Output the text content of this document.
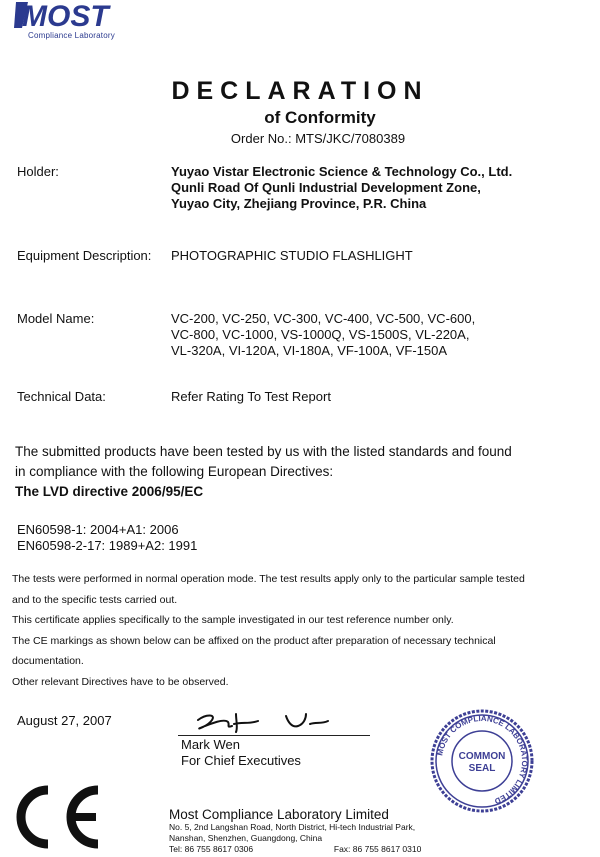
MOST
Compliance Laboratory
DECLARATION
of Conformity
Order No.: MTS/JKC/7080389
Holder:	Yuyao Vistar Electronic Science & Technology Co., Ltd.
Qunli Road Of Qunli Industrial Development Zone,
Yuyao City, Zhejiang Province, P.R. China
Equipment Description: PHOTOGRAPHIC STUDIO FLASHLIGHT
Model Name:	VC-200, VC-250, VC-300, VC-400, VC-500, VC-600,
VC-800, VC-1000, VS-1000Q, VS-1500S, VL-220A,
VL-320A, VI-120A, VI-180A, VF-100A, VF-150A
Technical Data:	Refer Rating To Test Report
The submitted products have been tested by us with the listed standards and found
in compliance with the following European Directives:
The LVD directive 2006/95/EC
EN60598-1: 2004+A1: 2006
EN60598-2-17: 1989+A2: 1991
The tests were performed in normal operation mode. The test results apply only to the particular sample tested
and to the specific tests carried out.
This certificate applies specifically to the sample investigated in our test reference number only.
The CE markings as shown below can be affixed on the product after preparation of necessary technical
documentation.
Other relevant Directives have to be observed.
August 27, 2007
Mark Wen
For Chief Executives
MOST COMPLIANCE LABORATORY LIMITED
COMMON
SEAL
Most Compliance Laboratory Limited
No. 5, 2nd Langshan Road, North District, Hi-tech Industrial Park,
Nanshan, Shenzhen, Guangdong, China
Tel: 86 755 8617 0306	Fax: 86 755 8617 0310
